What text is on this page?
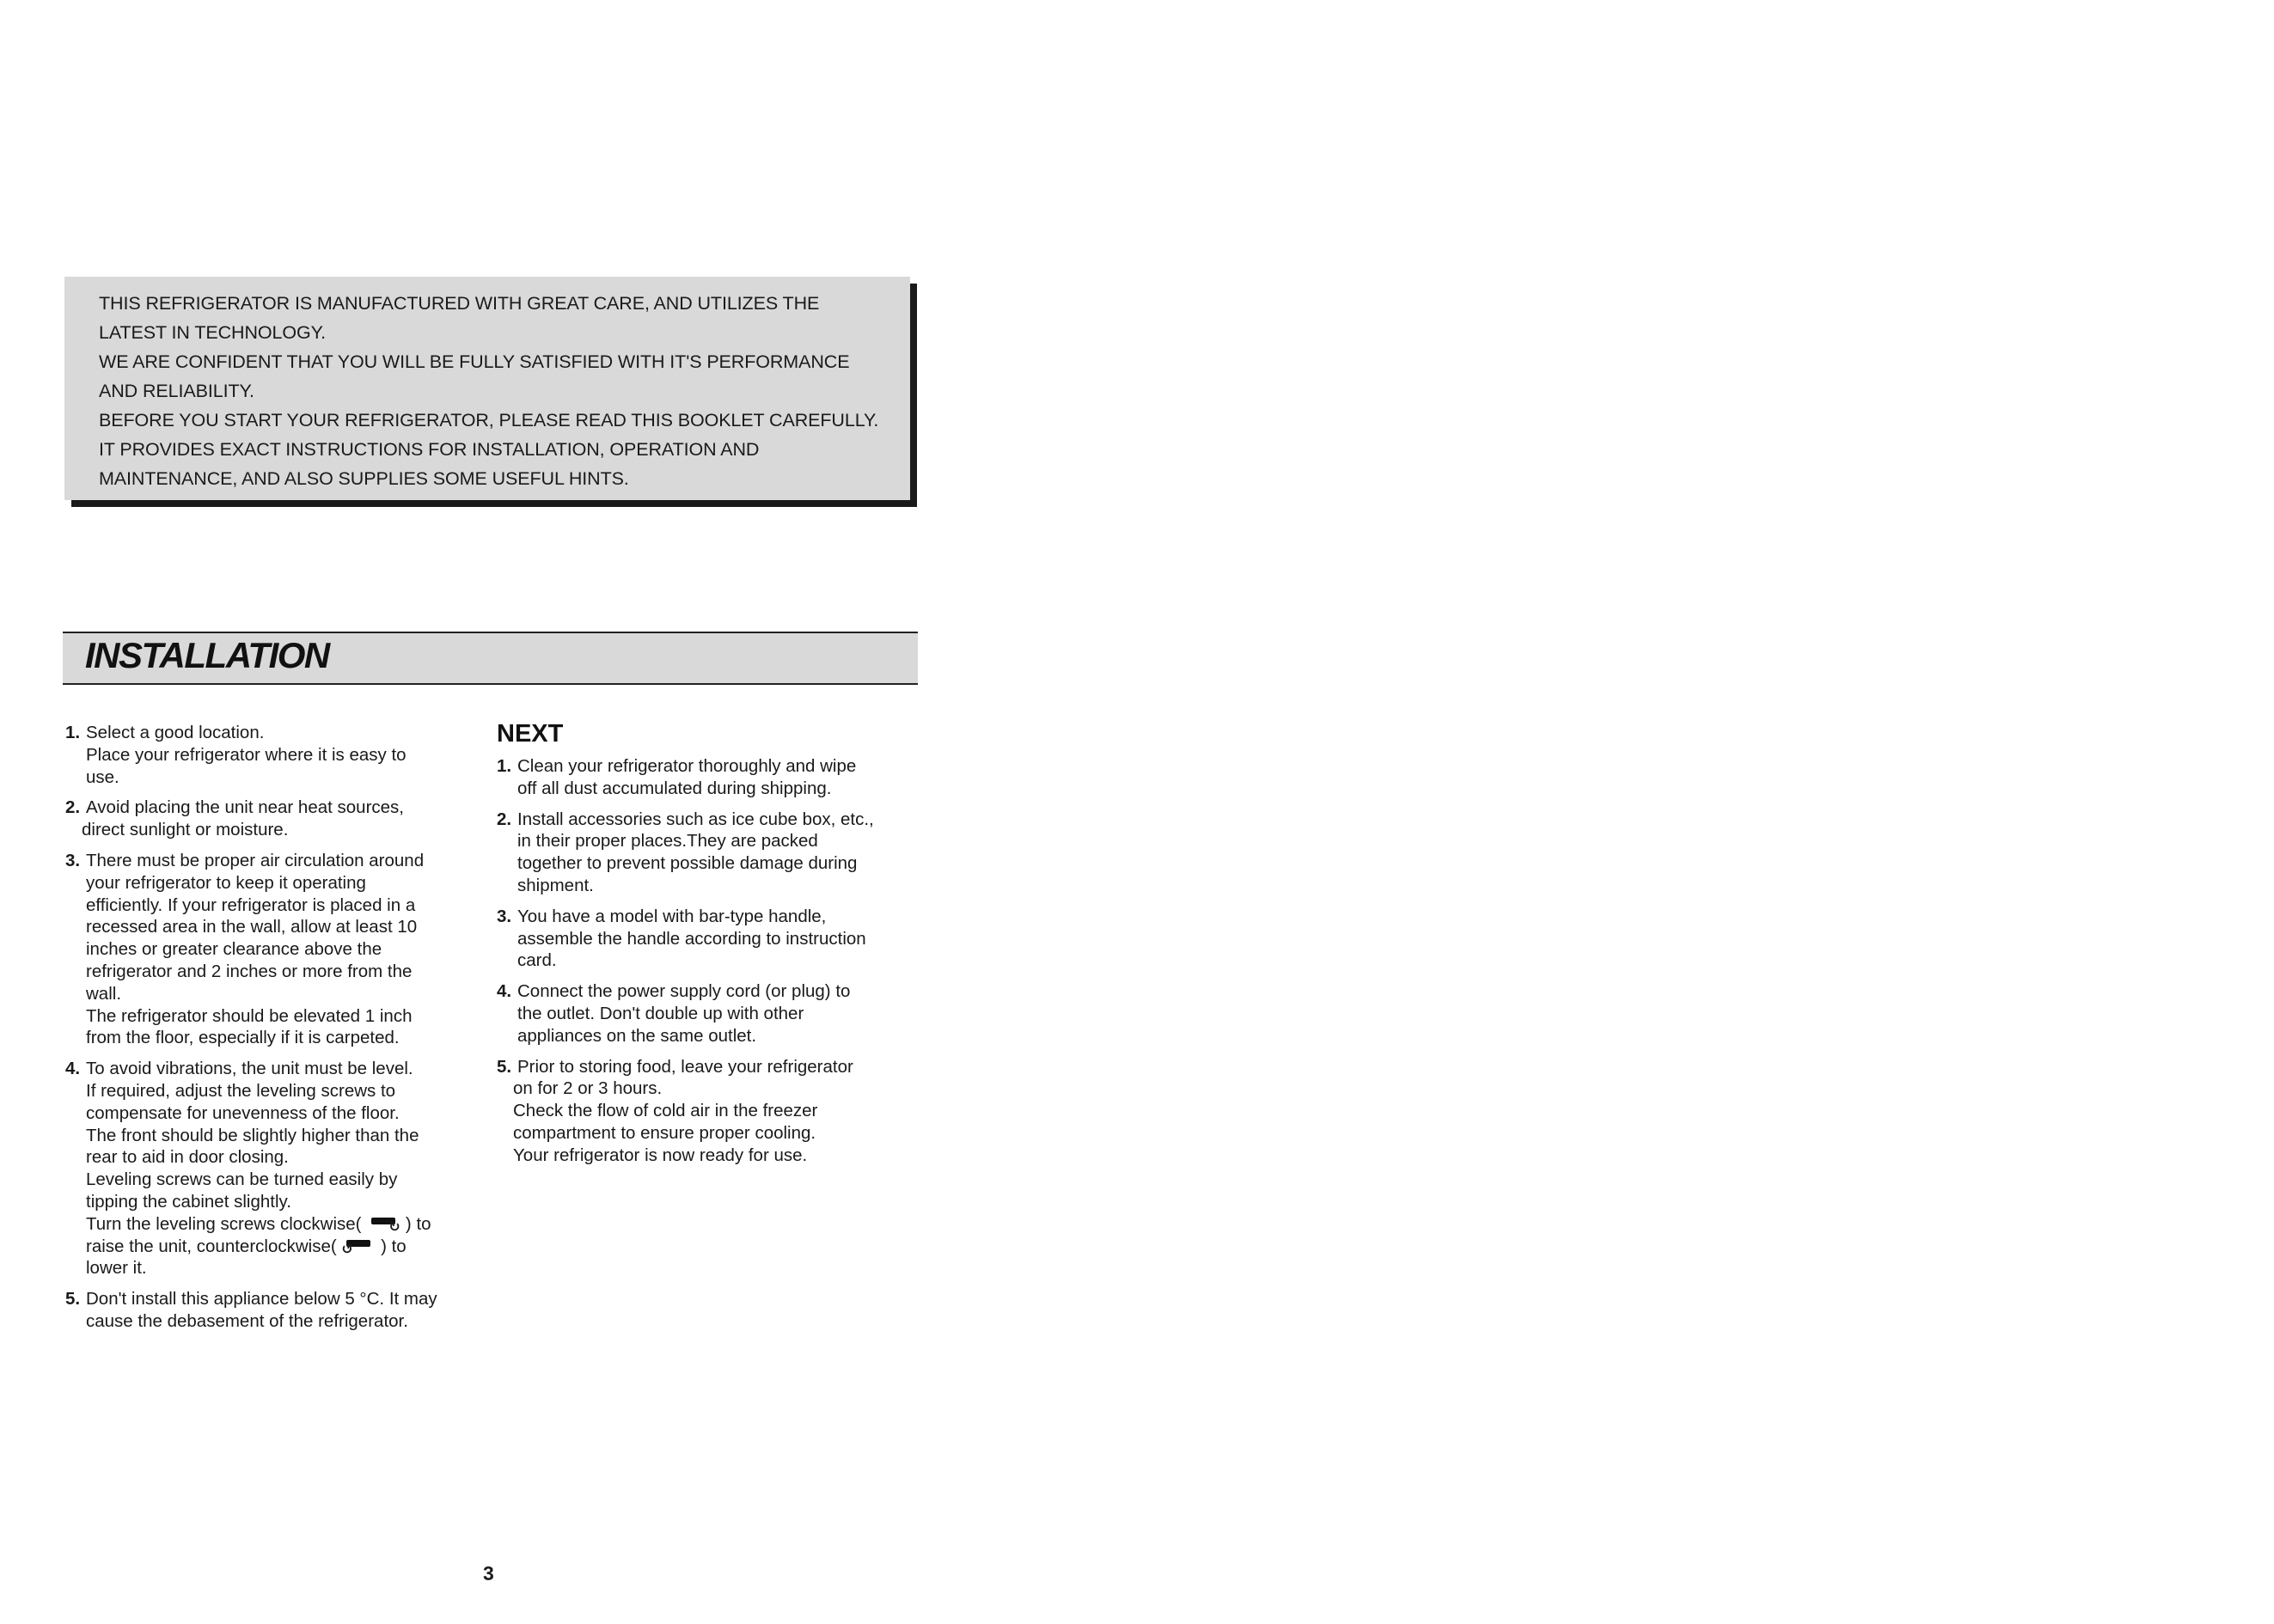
THIS REFRIGERATOR IS MANUFACTURED WITH GREAT CARE, AND UTILIZES THE
LATEST IN TECHNOLOGY.
WE ARE CONFIDENT THAT YOU WILL BE FULLY SATISFIED WITH IT'S PERFORMANCE
AND RELIABILITY.
BEFORE YOU START YOUR REFRIGERATOR, PLEASE READ THIS BOOKLET CAREFULLY.
IT PROVIDES EXACT INSTRUCTIONS FOR INSTALLATION, OPERATION AND
MAINTENANCE, AND ALSO SUPPLIES SOME USEFUL HINTS.
INSTALLATION
1. Select a good location.
Place your refrigerator where it is easy to
use.
2. Avoid placing the unit near heat sources,
direct sunlight or moisture.
3. There must be proper air circulation around
your refrigerator to keep it operating
efficiently. If your refrigerator is placed in a
recessed area in the wall, allow at least 10
inches or greater clearance above the
refrigerator and 2 inches or more from the
wall.
The refrigerator should be elevated 1 inch
from the floor, especially if it is carpeted.
4. To avoid vibrations, the unit must be level.
If required, adjust the leveling screws to
compensate for unevenness of the floor.
The front should be slightly higher than the
rear to aid in door closing.
Leveling screws can be turned easily by
tipping the cabinet slightly.
Turn the leveling screws clockwise( ↻ ) to
raise the unit, counterclockwise( ↺ ) to
lower it.
5. Don't install this appliance below 5 °C. It may
cause the debasement of the refrigerator.
NEXT
1. Clean your refrigerator thoroughly and wipe
off all dust accumulated during shipping.
2. Install accessories such as ice cube box, etc.,
in their proper places.They are packed
together to prevent possible damage during
shipment.
3. You have a model with bar-type handle,
assemble the handle according to instruction
card.
4. Connect the power supply cord (or plug) to
the outlet. Don't double up with other
appliances on the same outlet.
5. Prior to storing food, leave your refrigerator
on for 2 or 3 hours.
Check the flow of cold air in the freezer
compartment to ensure proper cooling.
Your refrigerator is now ready for use.
3
